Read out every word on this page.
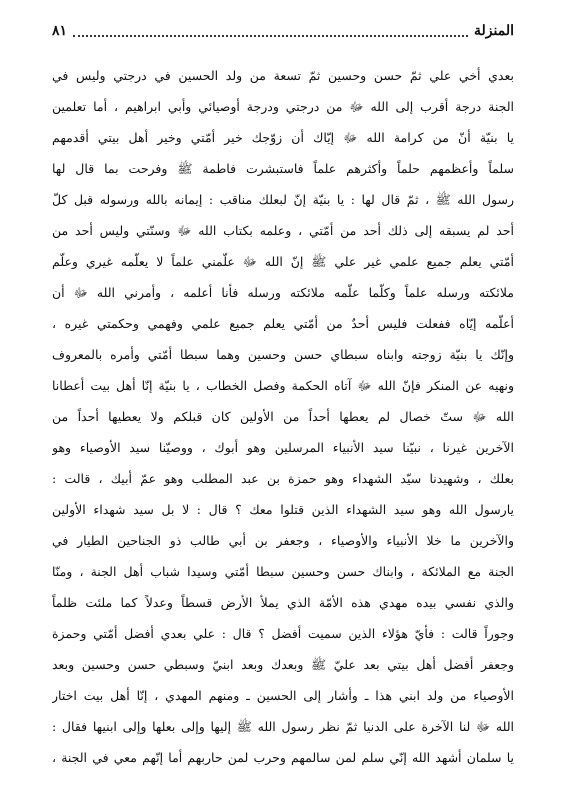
المنزلة
٨١
بعدي أخي علي ثمّ حسن وحسين ثمّ تسعة من ولد الحسين في درجتي وليس في
الجنة درجة أقرب إلى الله ﷻ من درجتي ودرجة أوصيائي وأبي ابراهيم ، أما تعلمين
يا بنيّة أنّ من كرامة الله ﷻ إيّاك أن زوّجك خير أمّتي وخير أهل بيتي أقدمهم
سلماً وأعظمهم حلماً وأكثرهم علماً فاستبشرت فاطمة ﷺ وفرحت بما قال لها
رسول الله ﷺ ، ثمّ قال لها : يا بنيّة إنّ لبعلك مناقب : إيمانه بالله ورسوله قبل كلّ
أحد لم يسبقه إلى ذلك أحد من أمّتي ، وعلمه بكتاب الله ﷻ وسنّتي وليس أحد من
أمّتي يعلم جميع علمي غير علي ﷺ إنّ الله ﷻ علّمني علماً لا يعلّمه غيري وعلّم
ملائكته ورسله علماً وكلّما علّمه ملائكته ورسله فأنا أعلمه ، وأمرني الله ﷻ أن
أعلّمه إيّاه ففعلت فليس أحدٌ من أمّتي يعلم جميع علمي وفهمي وحكمتي غيره ،
وإنّك يا بنيّة زوجته وابناه سبطاي حسن وحسين وهما سبطا أمّتي وأمره بالمعروف
ونهيه عن المنكر فإنّ الله ﷻ آتاه الحكمة وفصل الخطاب ، يا بنيّة إنّا أهل بيت أعطانا
الله ﷻ ستّ خصال لم يعطها أحداً من الأولين كان قبلكم ولا يعطيها أحداً من
الآخرين غيرنا ، نبيّنا سيد الأنبياء المرسلين وهو أبوك ، ووصيّنا سيد الأوصياء وهو
بعلك ، وشهيدنا سيّد الشهداء وهو حمزة بن عبد المطلب وهو عمّ أبيك ، قالت :
يارسول الله وهو سيد الشهداء الذين قتلوا معك ؟ قال : لا بل سيد شهداء الأولين
والآخرين ما خلا الأنبياء والأوصياء ، وجعفر بن أبي طالب ذو الجناحين الطيار في
الجنة مع الملائكة ، وابناك حسن وحسين سبطا أمّتي وسيدا شباب أهل الجنة ، ومنّا
والذي نفسي بيده مهدي هذه الأمّة الذي يملأ الأرض قسطاً وعدلاً كما ملئت ظلماً
وجوراً قالت : فأيّ هؤلاء الذين سميت أفضل ؟ قال : علي بعدي أفضل أمّتي وحمزة
وجعفر أفضل أهل بيتي بعد عليّ ﷺ وبعدك وبعد ابنيّ وسبطي حسن وحسين وبعد
الأوصياء من ولد ابني هذا ـ وأشار إلى الحسين ـ ومنهم المهدي ، إنّا أهل بيت اختار
الله ﷻ لنا الآخرة على الدنيا ثمّ نظر رسول الله ﷺ إليها وإلى بعلها وإلى ابنيها فقال :
يا سلمان أشهد الله إنّي سلم لمن سالمهم وحرب لمن حاربهم أما إنّهم معي في الجنة ،
